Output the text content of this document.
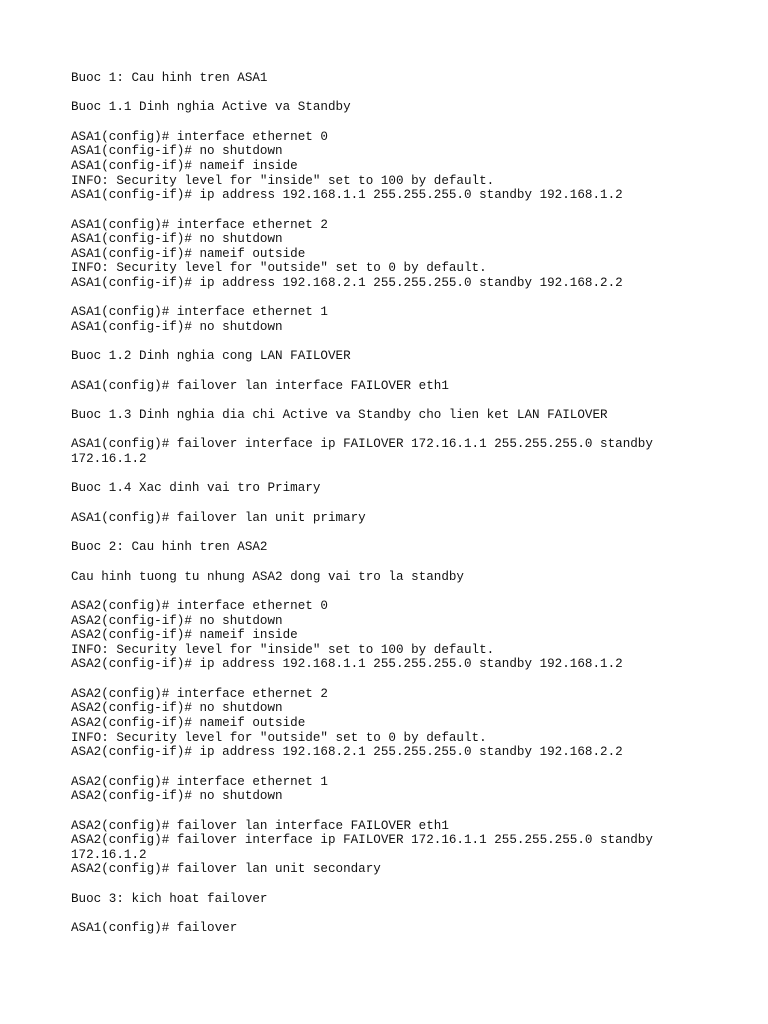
Buoc 1: Cau hinh tren ASA1
Buoc 1.1 Dinh nghia Active va Standby
ASA1(config)# interface ethernet 0
ASA1(config-if)# no shutdown
ASA1(config-if)# nameif inside
INFO: Security level for "inside" set to 100 by default.
ASA1(config-if)# ip address 192.168.1.1 255.255.255.0 standby 192.168.1.2
ASA1(config)# interface ethernet 2
ASA1(config-if)# no shutdown
ASA1(config-if)# nameif outside
INFO: Security level for "outside" set to 0 by default.
ASA1(config-if)# ip address 192.168.2.1 255.255.255.0 standby 192.168.2.2
ASA1(config)# interface ethernet 1
ASA1(config-if)# no shutdown
Buoc 1.2 Dinh nghia cong LAN FAILOVER
ASA1(config)# failover lan interface FAILOVER eth1
Buoc 1.3 Dinh nghia dia chi Active va Standby cho lien ket LAN FAILOVER
ASA1(config)# failover interface ip FAILOVER 172.16.1.1 255.255.255.0 standby
172.16.1.2
Buoc 1.4 Xac dinh vai tro Primary
ASA1(config)# failover lan unit primary
Buoc 2: Cau hinh tren ASA2
Cau hinh tuong tu nhung ASA2 dong vai tro la standby
ASA2(config)# interface ethernet 0
ASA2(config-if)# no shutdown
ASA2(config-if)# nameif inside
INFO: Security level for "inside" set to 100 by default.
ASA2(config-if)# ip address 192.168.1.1 255.255.255.0 standby 192.168.1.2
ASA2(config)# interface ethernet 2
ASA2(config-if)# no shutdown
ASA2(config-if)# nameif outside
INFO: Security level for "outside" set to 0 by default.
ASA2(config-if)# ip address 192.168.2.1 255.255.255.0 standby 192.168.2.2
ASA2(config)# interface ethernet 1
ASA2(config-if)# no shutdown
ASA2(config)# failover lan interface FAILOVER eth1
ASA2(config)# failover interface ip FAILOVER 172.16.1.1 255.255.255.0 standby
172.16.1.2
ASA2(config)# failover lan unit secondary
Buoc 3: kich hoat failover
ASA1(config)# failover
